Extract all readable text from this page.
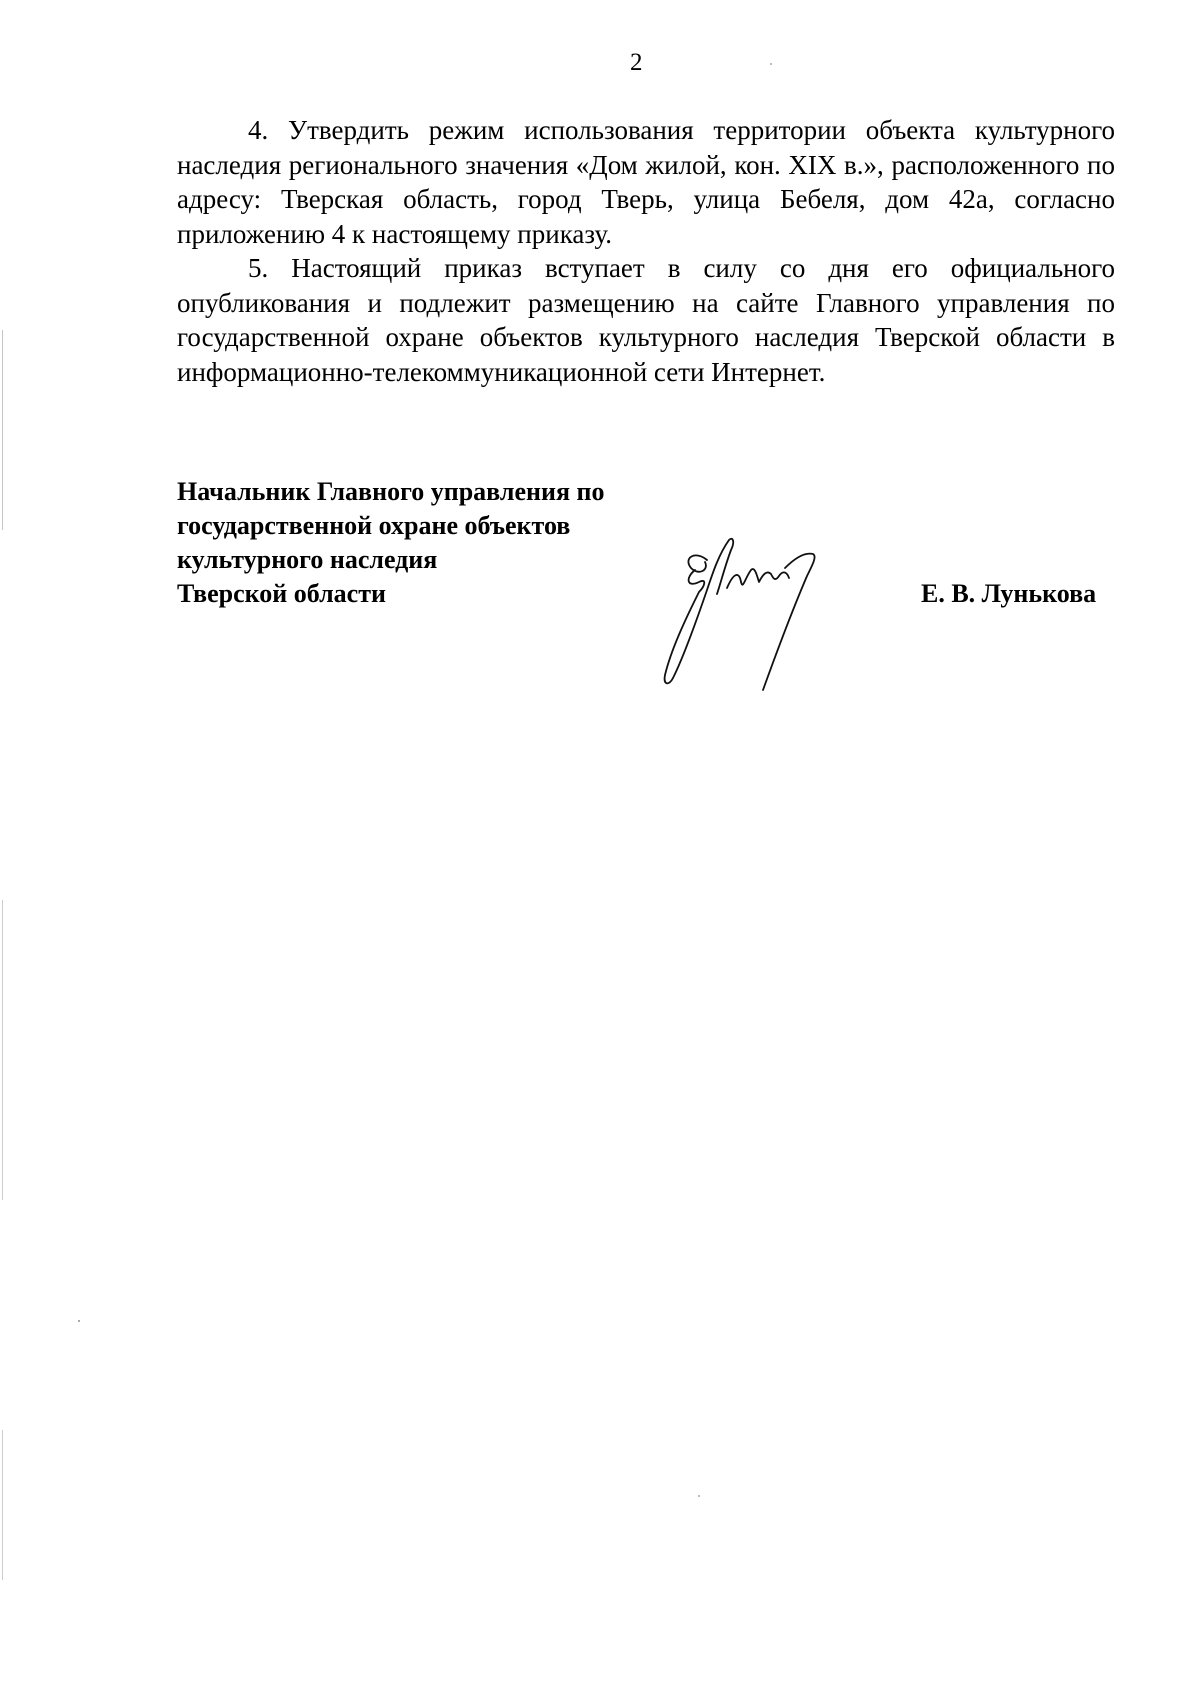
2

4. Утвердить режим использования территории объекта культурного наследия регионального значения «Дом жилой, кон. XIX в.», расположенного по адресу: Тверская область, город Тверь, улица Бебеля, дом 42а, согласно приложению 4 к настоящему приказу.

5. Настоящий приказ вступает в силу со дня его официального опубликования и подлежит размещению на сайте Главного управления по государственной охране объектов культурного наследия Тверской области в информационно-телекоммуникационной сети Интернет.

Начальник Главного управления по
государственной охране объектов
культурного наследия
Тверской области	Е. В. Лунькова
